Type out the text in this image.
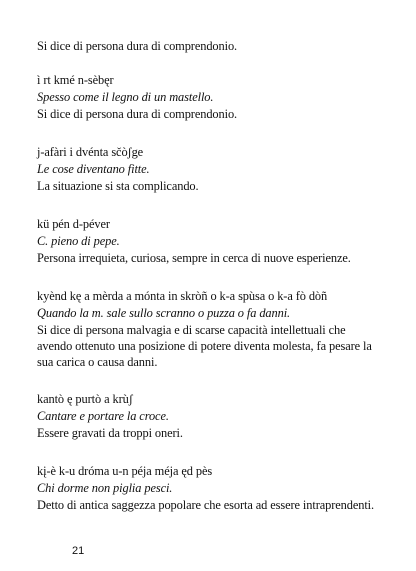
Si dice di persona dura di comprendonio.
ì rt kmé n-sèbęr
Spesso come il legno di un mastello.
Si dice di persona dura di comprendonio.
j-afàri i dvénta sčòʃge
Le cose diventano fitte.
La situazione si sta complicando.
kü pén d-péver
C. pieno di pepe.
Persona irrequieta, curiosa, sempre in cerca di nuove esperienze.
kyènd kę a mèrda a mónta in skròñ o k-a spùsa o k-a fò dòñ
Quando la m. sale sullo scranno o puzza o fa danni.
Si dice di persona malvagia e di scarse capacità intellettuali che
avendo ottenuto una posizione di potere diventa molesta, fa pesare la
sua carica o causa danni.
kantò ę purtò a krùʃ
Cantare e portare la croce.
Essere gravati da troppi oneri.
kį-è k-u dróma u-n péja méja ęd pès
Chi dorme non piglia pesci.
Detto di antica saggezza popolare che esorta ad essere intraprendenti.
21
